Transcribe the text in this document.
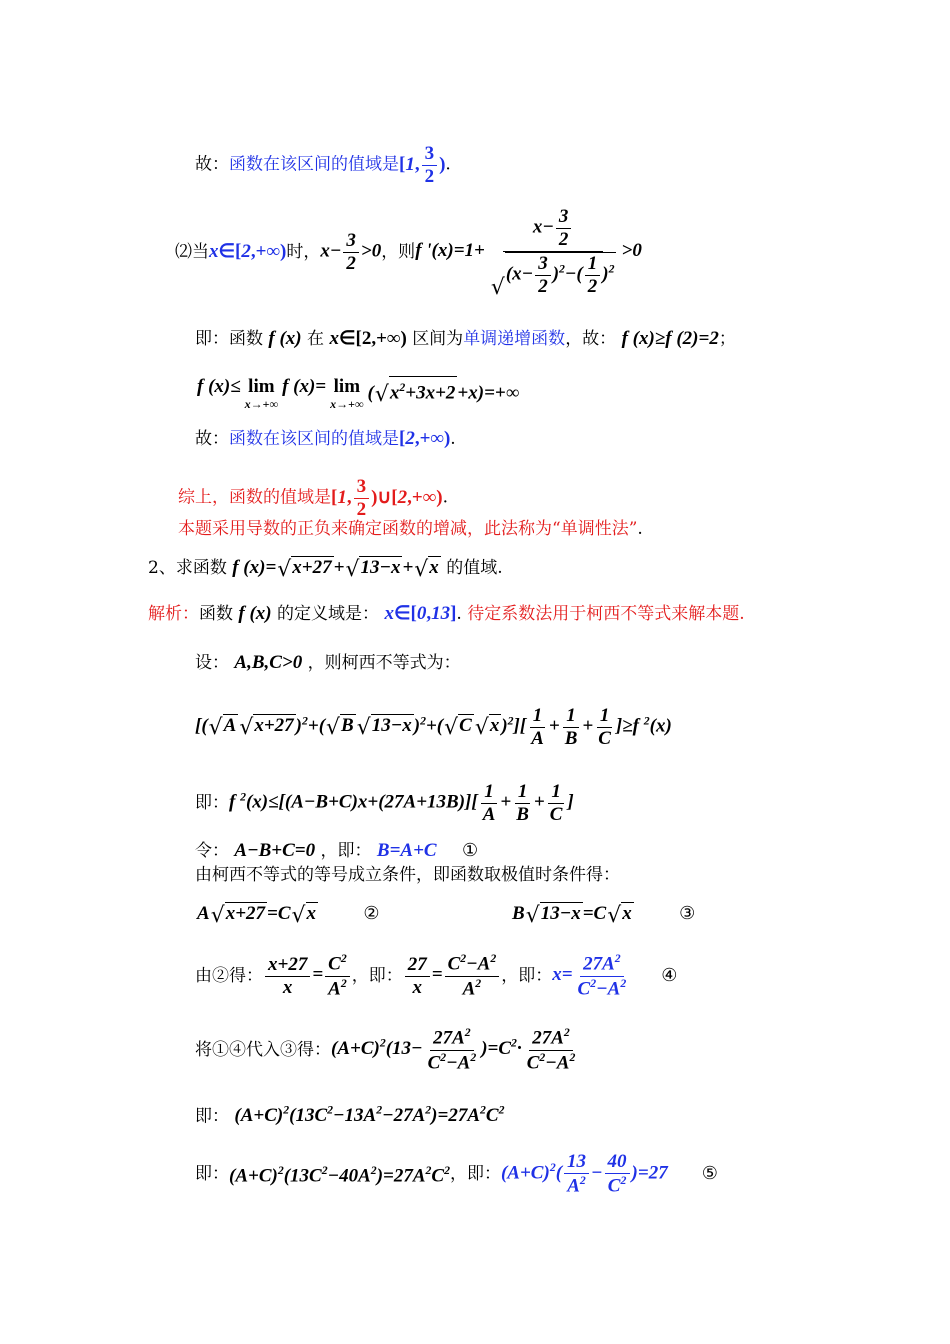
故：函数在该区间的值域是[1, $\frac{3}{2}$ ).
⑵当 x∈[2,+∞) 时， $x- \frac{3}{2} >0$ ，则 f '$(x)=1+ x- \frac{3}{2}$
√ $(x- \frac{3}{2} )^2-( \frac{1}{2} )^2 >0$
即：函数 f (x) 在 x∈[2,+∞) 区间为单调递增函数，故： f (x)≥f (2)=2；
f (x)≤ lim
x→+∞
f (x)= lim
x→+∞
( √ $x^2+3x+2 +x)=+\infty$
故：函数在该区间的值域是[2,+∞).
综上，函数的值域是[1, $\frac{3}{2}$ )∪[2,+∞).
本题采用导数的正负来确定函数的增减，此法称为“单调性法”.
2、求函数 f (x)= √ x+27 + √ 13−x + √ x 的值域.
解析：函数 f (x) 的定义域是： x∈[0,13]. 待定系数法用于柯西不等式来解本题.
设： A,B,C>0 ，则柯西不等式为：
[( √ A √ x+27 )$^2$+( √ B √ 13−x )$^2$+( √ C √ x )$^2][ \frac{1}{A} + \frac{1}{B} + \frac{1}{C} ]\ge f$ $^2$(x)
即： f $^2(x)\le[(A-B+C)x+(27A+13B)][ \frac{1}{A} + \frac{1}{B} + \frac{1}{C}$ ]
令： A−B+C=0 ，即： B=A+C ①
由柯西不等式的等号成立条件，即函数取极值时条件得：
A √ x+27 =C √ x	②	B √ 13−x =C √ x	③
由②得： $\frac{x+27}{x} = \frac{C^2}{A^2}$ ，即： $\frac{27}{x} = \frac{C^2-A^2}{A^2}$ ，即： $x= \frac{27A^2}{C^2-A^2}$ ④
将①④代入③得： $(A+C)^2(13- \frac{27A^2}{C^2-A^2} )=C^2\cdot \frac{27A^2}{C^2-A^2}$
即： $(A+C)^2(13C^2-13A^2-27A^2)=27A^2C^2$
即： $(A+C)^2(13C^2-40A^2)=27A^2C^2$ ，即： $(A+C)^2( \frac{13}{A^2} - \frac{40}{C^2} )=27$ ⑤
